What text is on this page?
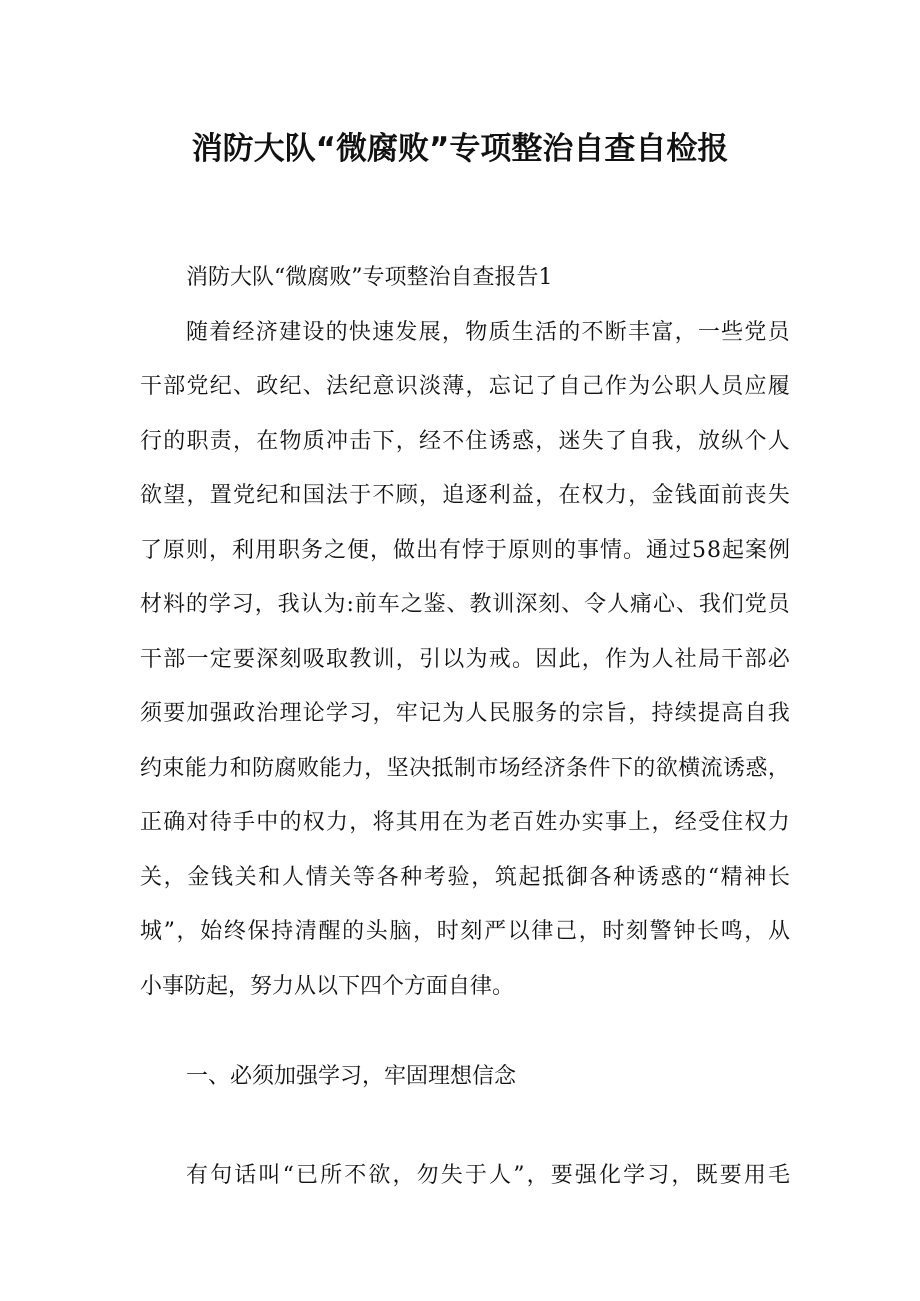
消防大队“微腐败”专项整治自查自检报
消防大队“微腐败”专项整治自查报告1
随 着 经 济 建 设 的 快 速 发 展 ， 物 质 生 活 的 不 断 丰 富 ， 一 些 党 员
干 部 党 纪 、 政 纪 、 法 纪 意 识 淡 薄 ， 忘 记 了 自 己 作 为 公 职 人 员 应 履
行 的 职 责 ， 在 物 质 冲 击 下 ， 经 不 住 诱 惑 ， 迷 失 了 自 我 ， 放 纵 个 人
欲 望 ， 置 党 纪 和 国 法 于 不 顾 ， 追 逐 利 益 ， 在 权 力 ， 金 钱 面 前 丧 失
了 原 则 ， 利 用 职 务 之 便 ， 做 出 有 悖 于 原 则 的 事 情 。 通 过 5 8 起 案 例
材 料 的 学 习 ， 我 认 为 : 前 车 之 鉴 、 教 训 深 刻 、 令 人 痛 心 、 我 们 党 员
干 部 一 定 要 深 刻 吸 取 教 训 ， 引 以 为 戒 。 因 此 ， 作 为 人 社 局 干 部 必
须 要 加 强 政 治 理 论 学 习 ， 牢 记 为 人 民 服 务 的 宗 旨 ， 持 续 提 高 自 我
约 束 能 力 和 防 腐 败 能 力 ， 坚 决 抵 制 市 场 经 济 条 件 下 的 欲 横 流 诱 惑 ，
正 确 对 待 手 中 的 权 力 ， 将 其 用 在 为 老 百 姓 办 实 事 上 ， 经 受 住 权 力
关 ， 金 钱 关 和 人 情 关 等 各 种 考 验 ， 筑 起 抵 御 各 种 诱 惑 的 “ 精 神 长
城 ” ， 始 终 保 持 清 醒 的 头 脑 ， 时 刻 严 以 律 己 ， 时 刻 警 钟 长 鸣 ， 从
小事防起，努力从以下四个方面自律。
一、必须加强学习，牢固理想信念
有 句 话 叫 “ 已 所 不 欲 ， 勿 失 于 人 ” ， 要 强 化 学 习 ， 既 要 用 毛
